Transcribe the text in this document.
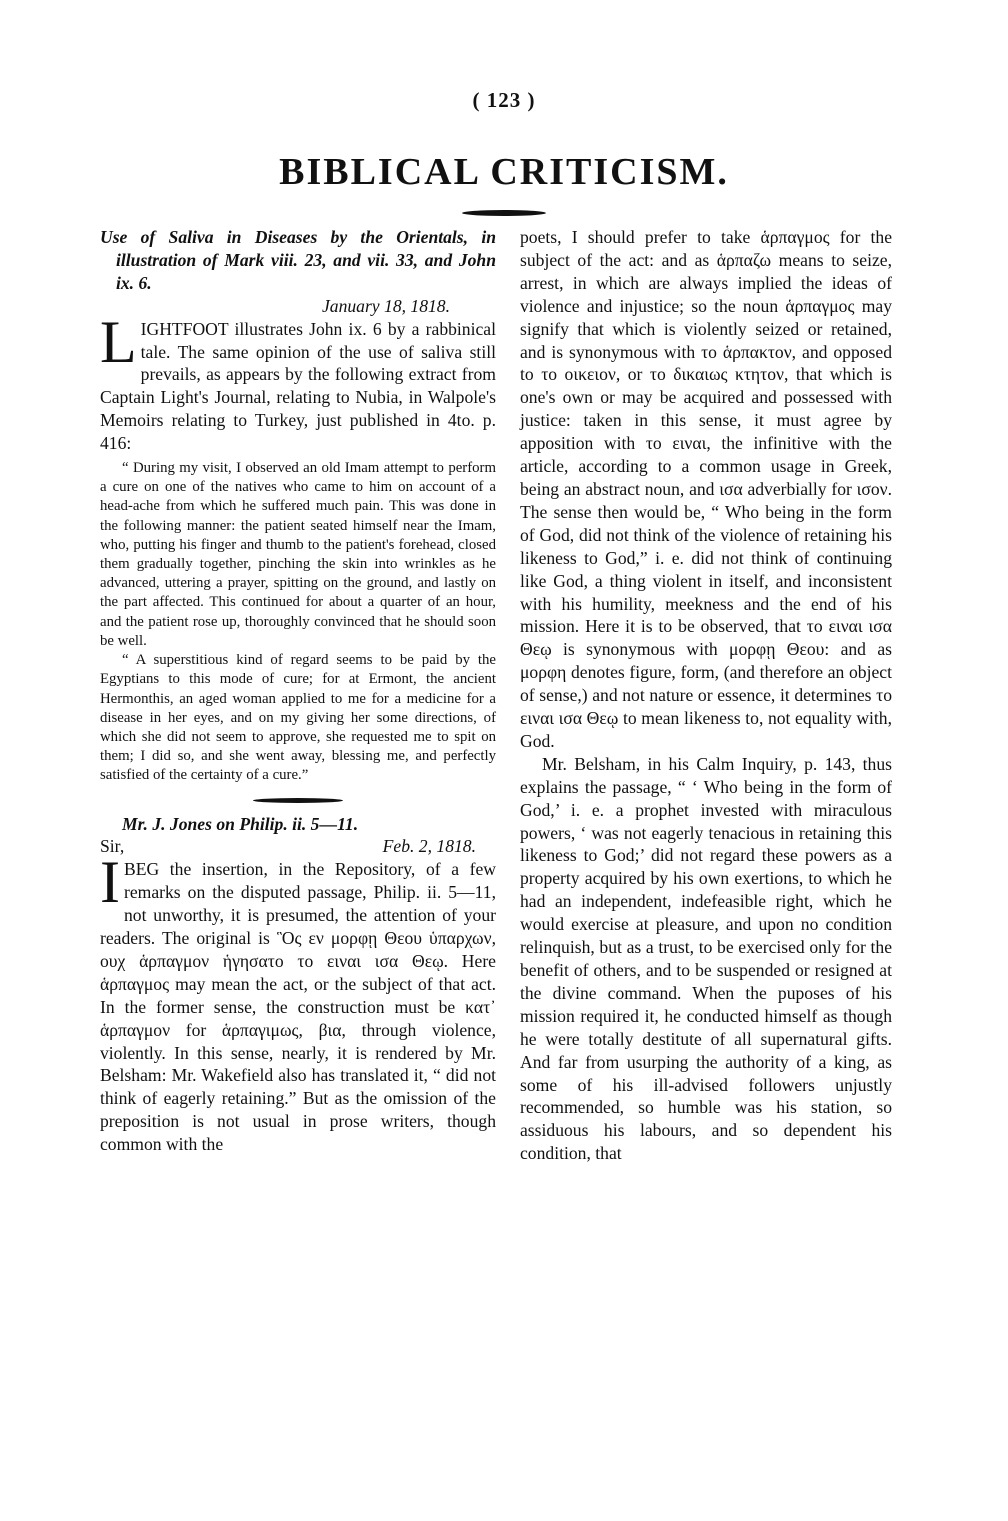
( 123 )
BIBLICAL CRITICISM.

Use of Saliva in Diseases by the Orientals, in illustration of Mark viii. 23, and vii. 33, and John ix. 6.

January 18, 1818.

LIGHTFOOT illustrates John ix. 6 by a rabbinical tale. The same opinion of the use of saliva still prevails, as appears by the following extract from Captain Light's Journal, relating to Nubia, in Walpole's Memoirs relating to Turkey, just published in 4to. p. 416:

“ During my visit, I observed an old Imam attempt to perform a cure on one of the natives who came to him on account of a head-ache from which he suffered much pain. This was done in the following manner: the patient seated himself near the Imam, who, putting his finger and thumb to the patient's forehead, closed them gradually together, pinching the skin into wrinkles as he advanced, uttering a prayer, spitting on the ground, and lastly on the part affected. This continued for about a quarter of an hour, and the patient rose up, thoroughly convinced that he should soon be well.

“ A superstitious kind of regard seems to be paid by the Egyptians to this mode of cure; for at Ermont, the ancient Hermonthis, an aged woman applied to me for a medicine for a disease in her eyes, and on my giving her some directions, of which she did not seem to approve, she requested me to spit on them; I did so, and she went away, blessing me, and perfectly satisfied of the certainty of a cure.”

Mr. J. Jones on Philip. ii. 5—11.

Sir,	Feb. 2, 1818.

IBEG the insertion, in the Repository, of a few remarks on the disputed passage, Philip. ii. 5—11, not unworthy, it is presumed, the attention of your readers. The original is Ὃς εν μορφῃ Θεου ὑπαρχων, ουχ ἁρπαγμον ἡγησατο το ειναι ισα Θεῳ. Here ἁρπαγμος may mean the act, or the subject of that act. In the former sense, the construction must be κατ᾽ ἁρπαγμον for ἁρπαγιμως, βια, through violence, violently. In this sense, nearly, it is rendered by Mr. Belsham: Mr. Wakefield also has translated it, “ did not think of eagerly retaining.” But as the omission of the preposition is not usual in prose writers, though common with the

poets, I should prefer to take ἁρπαγμος for the subject of the act: and as ἁρπαζω means to seize, arrest, in which are always implied the ideas of violence and injustice; so the noun ἁρπαγμος may signify that which is violently seized or retained, and is synonymous with το ἁρπακτον, and opposed to το οικειον, or το δικαιως κτητον, that which is one's own or may be acquired and possessed with justice: taken in this sense, it must agree by apposition with το ειναι, the infinitive with the article, according to a common usage in Greek, being an abstract noun, and ισα adverbially for ισον. The sense then would be, “ Who being in the form of God, did not think of the violence of retaining his likeness to God,” i. e. did not think of continuing like God, a thing violent in itself, and inconsistent with his humility, meekness and the end of his mission. Here it is to be observed, that το ειναι ισα Θεῳ is synonymous with μορφῃ Θεου: and as μορφη denotes figure, form, (and therefore an object of sense,) and not nature or essence, it determines το ειναι ισα Θεῳ to mean likeness to, not equality with, God.

Mr. Belsham, in his Calm Inquiry, p. 143, thus explains the passage, “ ‘ Who being in the form of God,’ i. e. a prophet invested with miraculous powers, ‘ was not eagerly tenacious in retaining this likeness to God;’ did not regard these powers as a property acquired by his own exertions, to which he had an independent, indefeasible right, which he would exercise at pleasure, and upon no condition relinquish, but as a trust, to be exercised only for the benefit of others, and to be suspended or resigned at the divine command. When the puposes of his mission required it, he conducted himself as though he were totally destitute of all supernatural gifts. And far from usurping the authority of a king, as some of his ill-advised followers unjustly recommended, so humble was his station, so assiduous his labours, and so dependent his condition, that
